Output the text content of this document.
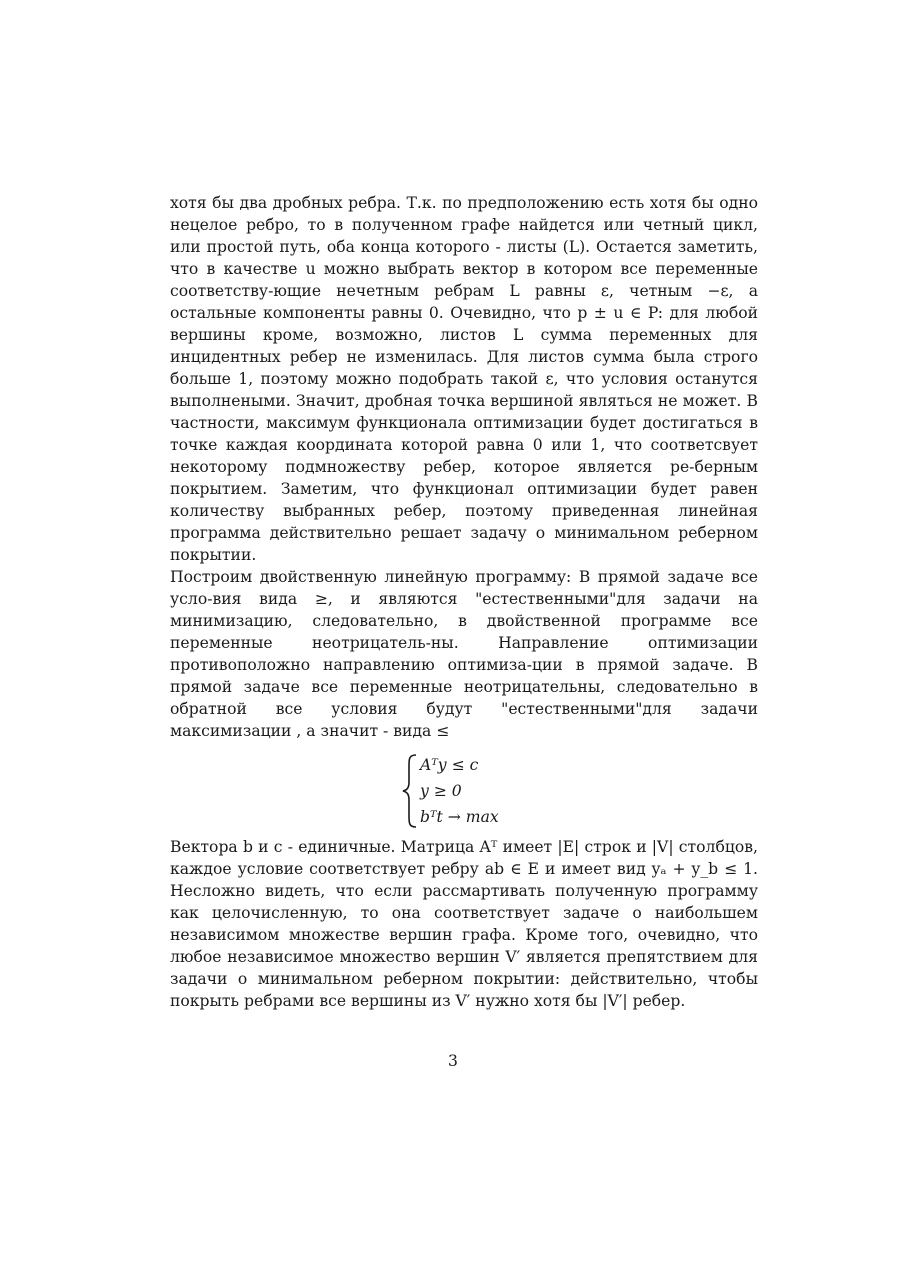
хотя бы два дробных ребра. Т.к. по предположению есть хотя бы одно нецелое ребро, то в полученном графе найдется или четный цикл, или простой путь, оба конца которого - листы (L). Остается заметить, что в качестве u можно выбрать вектор в котором все переменные соответству-ющие нечетным ребрам L равны ε, четным −ε, а остальные компоненты равны 0. Очевидно, что p ± u ∈ P: для любой вершины кроме, возможно, листов L сумма переменных для инцидентных ребер не изменилась. Для листов сумма была строго больше 1, поэтому можно подобрать такой ε, что условия останутся выполнеными. Значит, дробная точка вершиной являться не может. В частности, максимум функционала оптимизации будет достигаться в точке каждая координата которой равна 0 или 1, что соответсвует некоторому подмножеству ребер, которое является ре-берным покрытием. Заметим, что функционал оптимизации будет равен количеству выбранных ребер, поэтому приведенная линейная программа действительно решает задачу о минимальном реберном покрытии.

Построим двойственную линейную программу: В прямой задаче все усло-вия вида ≥, и являются "естественными"для задачи на минимизацию, следовательно, в двойственной программе все переменные неотрицатель-ны. Направление оптимизации противоположно направлению оптимиза-ции в прямой задаче. В прямой задаче все переменные неотрицательны, следовательно в обратной все условия будут "естественными"для задачи максимизации , а значит - вида ≤

Aᵀy ≤ c
y ≥ 0
bᵀt → max

Вектора b и c - единичные. Матрица Aᵀ имеет |E| строк и |V| столбцов, каждое условие соответствует ребру ab ∈ E и имеет вид yₐ + y_b ≤ 1. Несложно видеть, что если рассмартивать полученную программу как целочисленную, то она соответствует задаче о наибольшем независимом множестве вершин графа. Кроме того, очевидно, что любое независимое множество вершин V′ является препятствием для задачи о минимальном реберном покрытии: действительно, чтобы покрыть ребрами все вершины из V′ нужно хотя бы |V′| ребер.

3
